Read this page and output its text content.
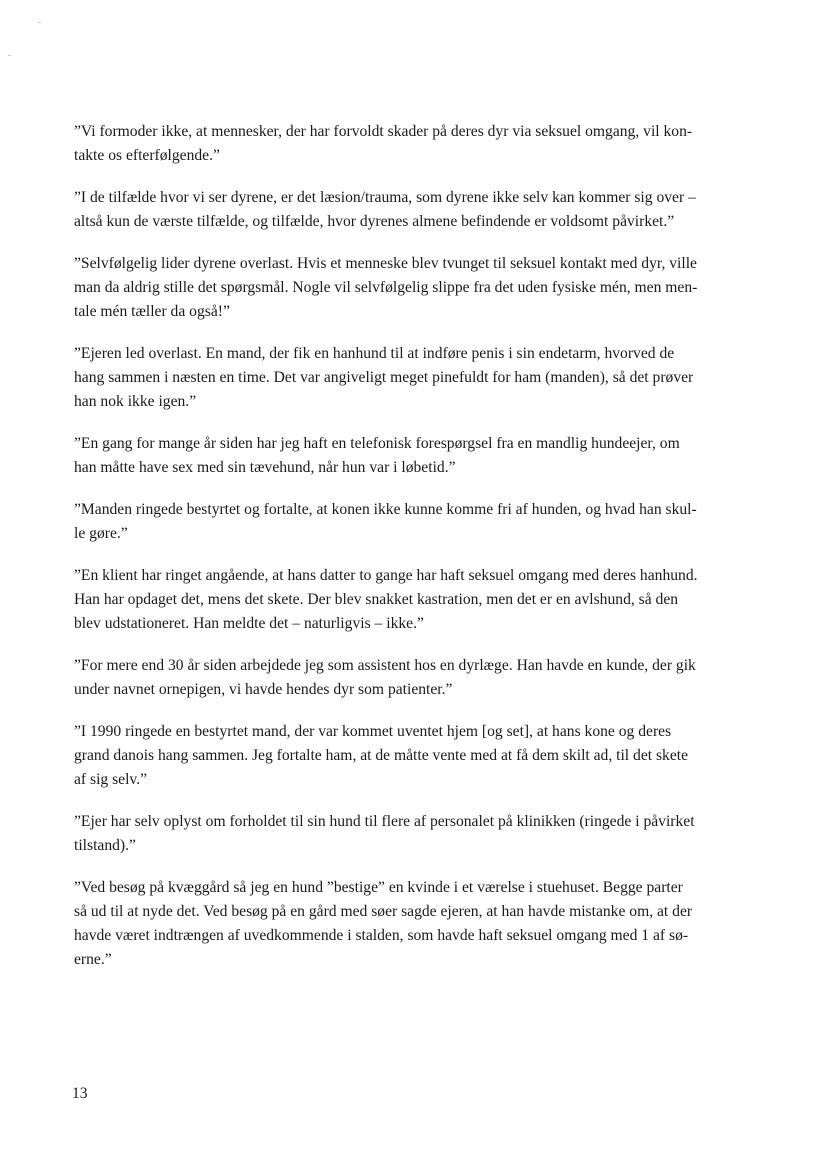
”Vi formoder ikke, at mennesker, der har forvoldt skader på deres dyr via seksuel omgang, vil kon-
takte os efterfølgende.”

”I de tilfælde hvor vi ser dyrene, er det læsion/trauma, som dyrene ikke selv kan kommer sig over –
altså kun de værste tilfælde, og tilfælde, hvor dyrenes almene befindende er voldsomt påvirket.”

”Selvfølgelig lider dyrene overlast. Hvis et menneske blev tvunget til seksuel kontakt med dyr, ville
man da aldrig stille det spørgsmål. Nogle vil selvfølgelig slippe fra det uden fysiske mén, men men-
tale mén tæller da også!”

”Ejeren led overlast. En mand, der fik en hanhund til at indføre penis i sin endetarm, hvorved de
hang sammen i næsten en time. Det var angiveligt meget pinefuldt for ham (manden), så det prøver
han nok ikke igen.”

”En gang for mange år siden har jeg haft en telefonisk forespørgsel fra en mandlig hundeejer, om
han måtte have sex med sin tævehund, når hun var i løbetid.”

”Manden ringede bestyrtet og fortalte, at konen ikke kunne komme fri af hunden, og hvad han skul-
le gøre.”

”En klient har ringet angående, at hans datter to gange har haft seksuel omgang med deres hanhund.
Han har opdaget det, mens det skete. Der blev snakket kastration, men det er en avlshund, så den
blev udstationeret. Han meldte det – naturligvis – ikke.”

”For mere end 30 år siden arbejdede jeg som assistent hos en dyrlæge. Han havde en kunde, der gik
under navnet ornepigen, vi havde hendes dyr som patienter.”

”I 1990 ringede en bestyrtet mand, der var kommet uventet hjem [og set], at hans kone og deres
grand danois hang sammen. Jeg fortalte ham, at de måtte vente med at få dem skilt ad, til det skete
af sig selv.”

”Ejer har selv oplyst om forholdet til sin hund til flere af personalet på klinikken (ringede i påvirket
tilstand).”

”Ved besøg på kvæggård så jeg en hund ”bestige” en kvinde i et værelse i stuehuset. Begge parter
så ud til at nyde det. Ved besøg på en gård med søer sagde ejeren, at han havde mistanke om, at der
havde været indtrængen af uvedkommende i stalden, som havde haft seksuel omgang med 1 af sø-
erne.”

13
